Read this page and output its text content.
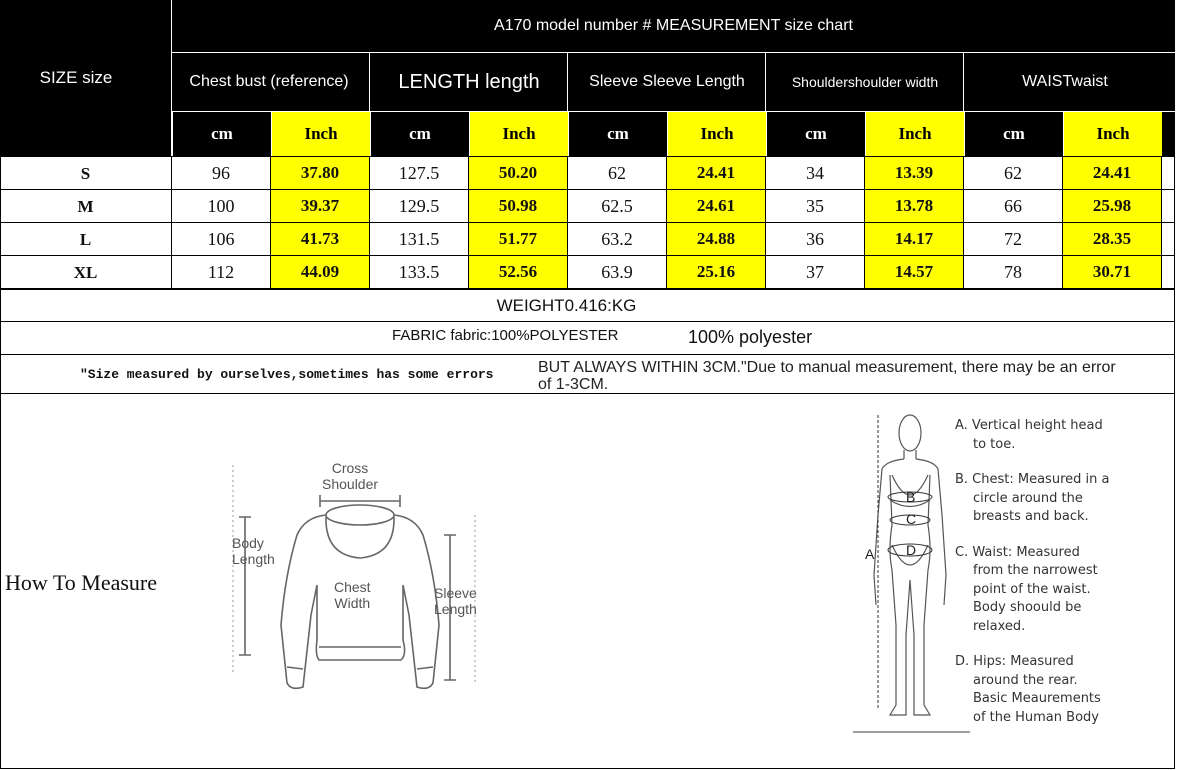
A170 model number # MEASUREMENT size chart
SIZE size	Chest bust (reference)	LENGTH length	Sleeve Sleeve Length	Shouldershoulder width	WAISTwaist
cm	Inch	cm	Inch	cm	Inch	cm	Inch	cm	Inch
S	96	37.80	127.5	50.20	62	24.41	34	13.39	62	24.41
M	100	39.37	129.5	50.98	62.5	24.61	35	13.78	66	25.98
L	106	41.73	131.5	51.77	63.2	24.88	36	14.17	72	28.35
XL	112	44.09	133.5	52.56	63.9	25.16	37	14.57	78	30.71
WEIGHT0.416:KG
FABRIC fabric:100%POLYESTER	100% polyester
"Size measured by ourselves,sometimes has some errors	BUT ALWAYS WITHIN 3CM."Due to manual measurement, there may be an error of 1-3CM.
How To Measure
Cross
Shoulder
Body
Length
Chest
Width
Sleeve
Length
A
B
C
D
A. Vertical height head
to toe.
B. Chest: Measured in a
circle around the
breasts and back.
C. Waist: Measured
from the narrowest
point of the waist.
Body shoould be
relaxed.
D. Hips: Measured
around the rear.
Basic Meaurements
of the Human Body
